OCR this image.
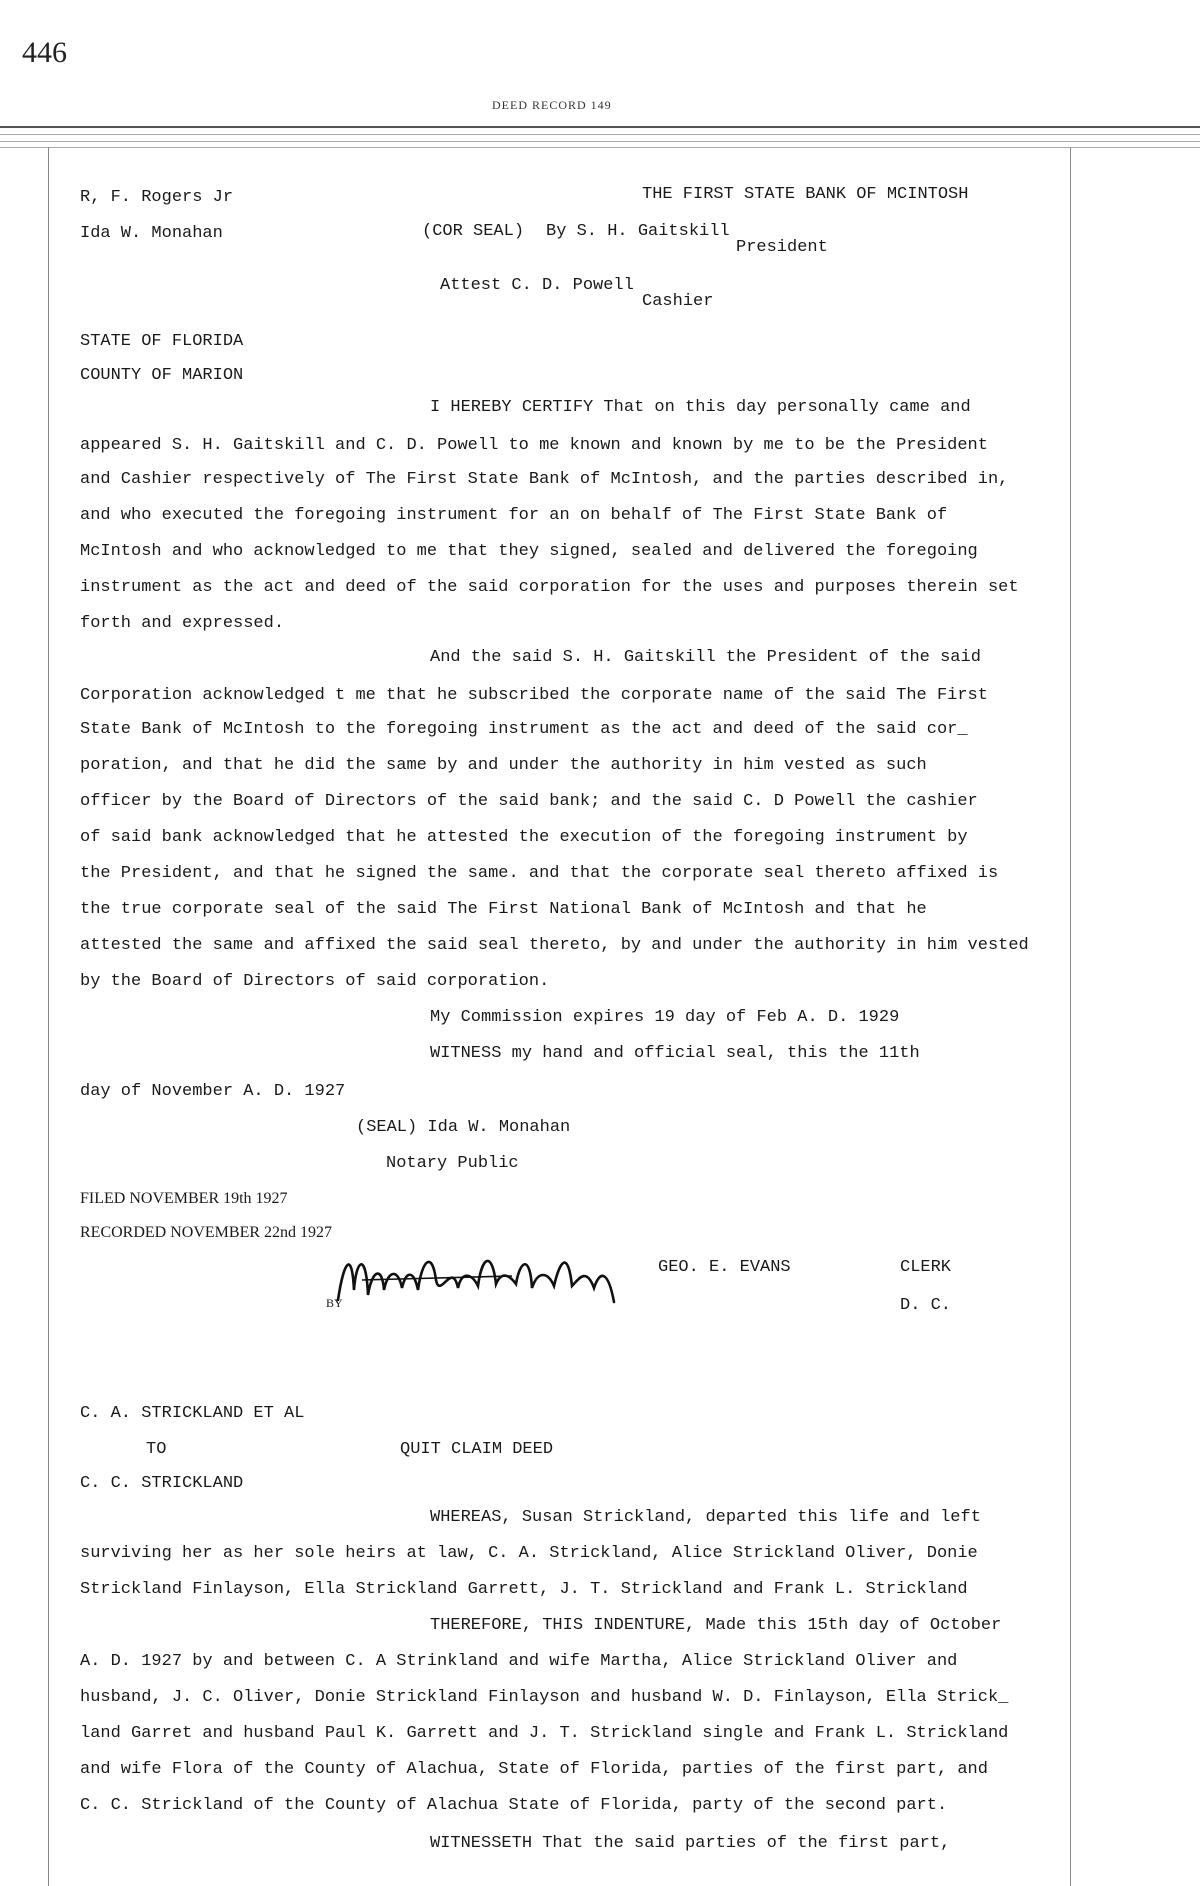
446
DEED RECORD 149
R, F. Rogers Jr
Ida W. Monahan
THE FIRST STATE BANK OF MCINTOSH
(COR SEAL) By S. H. Gaitskill
President
Attest C. D. Powell
Cashier
STATE OF FLORIDA
COUNTY OF MARION
I HEREBY CERTIFY That on this day personally came and
appeared S. H. Gaitskill and C. D. Powell to me known and known by me to be the President
and Cashier respectively of The First State Bank of McIntosh, and the parties described in,
and who executed the foregoing instrument for an on behalf of The First State Bank of
McIntosh and who acknowledged to me that they signed, sealed and delivered the foregoing
instrument as the act and deed of the said corporation for the uses and purposes therein set
forth and expressed.
And the said S. H. Gaitskill the President of the said
Corporation acknowledged t me that he subscribed the corporate name of the said The First
State Bank of McIntosh to the foregoing instrument as the act and deed of the said cor_
poration, and that he did the same by and under the authority in him vested as such
officer by the Board of Directors of the said bank; and the said C. D Powell the cashier
of said bank acknowledged that he attested the execution of the foregoing instrument by
the President, and that he signed the same. and that the corporate seal thereto affixed is
the true corporate seal of the said The First National Bank of McIntosh and that he
attested the same and affixed the said seal thereto, by and under the authority in him vested
by the Board of Directors of said corporation.
My Commission expires 19 day of Feb A. D. 1929
WITNESS my hand and official seal, this the 11th
day of November A. D. 1927
(SEAL) Ida W. Monahan
Notary Public
FILED NOVEMBER 19th 1927
RECORDED NOVEMBER 22nd 1927
BY
GEO. E. EVANS	CLERK
D. C.
C. A. STRICKLAND ET AL
TO	QUIT CLAIM DEED
C. C. STRICKLAND
WHEREAS, Susan Strickland, departed this life and left
surviving her as her sole heirs at law, C. A. Strickland, Alice Strickland Oliver, Donie
Strickland Finlayson, Ella Strickland Garrett, J. T. Strickland and Frank L. Strickland
THEREFORE, THIS INDENTURE, Made this 15th day of October
A. D. 1927 by and between C. A Strinkland and wife Martha, Alice Strickland Oliver and
husband, J. C. Oliver, Donie Strickland Finlayson and husband W. D. Finlayson, Ella Strick_
land Garret and husband Paul K. Garrett and J. T. Strickland single and Frank L. Strickland
and wife Flora of the County of Alachua, State of Florida, parties of the first part, and
C. C. Strickland of the County of Alachua State of Florida, party of the second part.
WITNESSETH That the said parties of the first part,
